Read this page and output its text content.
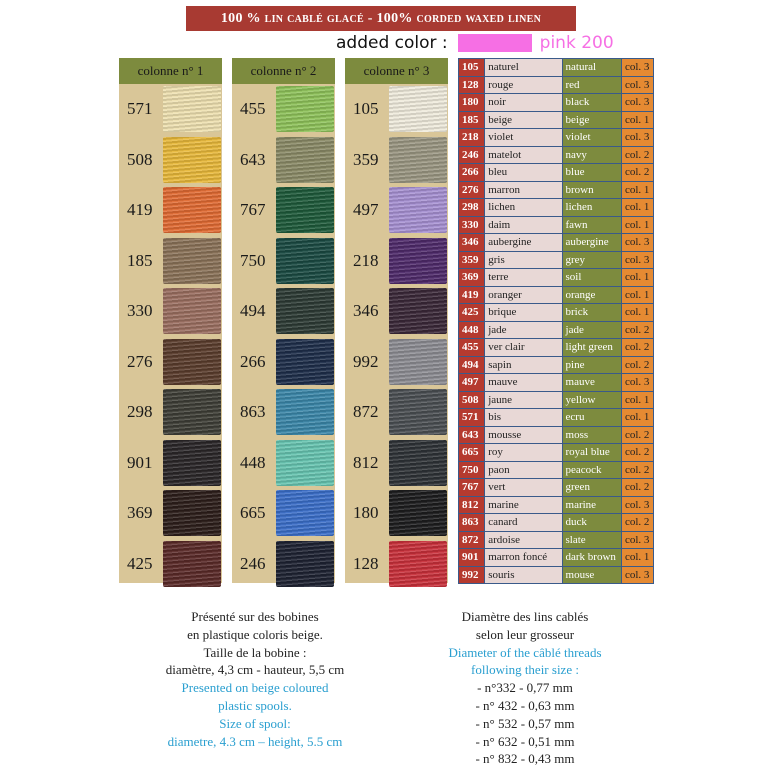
100 % lin cablé glacé - 100% corded waxed linen
added color :	pink 200
colonne n° 1
571
508
419
185
330
276
298
901
369
425
colonne n° 2
455
643
767
750
494
266
863
448
665
246
colonne n° 3
105
359
497
218
346
992
872
812
180
128
105	naturel	natural	col. 3
128	rouge	red	col. 3
180	noir	black	col. 3
185	beige	beige	col. 1
218	violet	violet	col. 3
246	matelot	navy	col. 2
266	bleu	blue	col. 2
276	marron	brown	col. 1
298	lichen	lichen	col. 1
330	daim	fawn	col. 1
346	aubergine	aubergine	col. 3
359	gris	grey	col. 3
369	terre	soil	col. 1
419	oranger	orange	col. 1
425	brique	brick	col. 1
448	jade	jade	col. 2
455	ver clair	light green	col. 2
494	sapin	pine	col. 2
497	mauve	mauve	col. 3
508	jaune	yellow	col. 1
571	bis	ecru	col. 1
643	mousse	moss	col. 2
665	roy	royal blue	col. 2
750	paon	peacock	col. 2
767	vert	green	col. 2
812	marine	marine	col. 3
863	canard	duck	col. 2
872	ardoise	slate	col. 3
901	marron foncé	dark brown	col. 1
992	souris	mouse	col. 3
Présenté sur des bobines
en plastique coloris beige.
Taille de la bobine :
diamètre, 4,3 cm - hauteur, 5,5 cm
Presented on beige coloured
plastic spools.
Size of spool:
diametre, 4.3 cm – height, 5.5 cm
Diamètre des lins cablés
selon leur grosseur
Diameter of the câblé threads
following their size :
- n°332 - 0,77 mm
- n° 432 - 0,63 mm
- n° 532 - 0,57 mm
- n° 632 - 0,51 mm
- n° 832 - 0,43 mm
